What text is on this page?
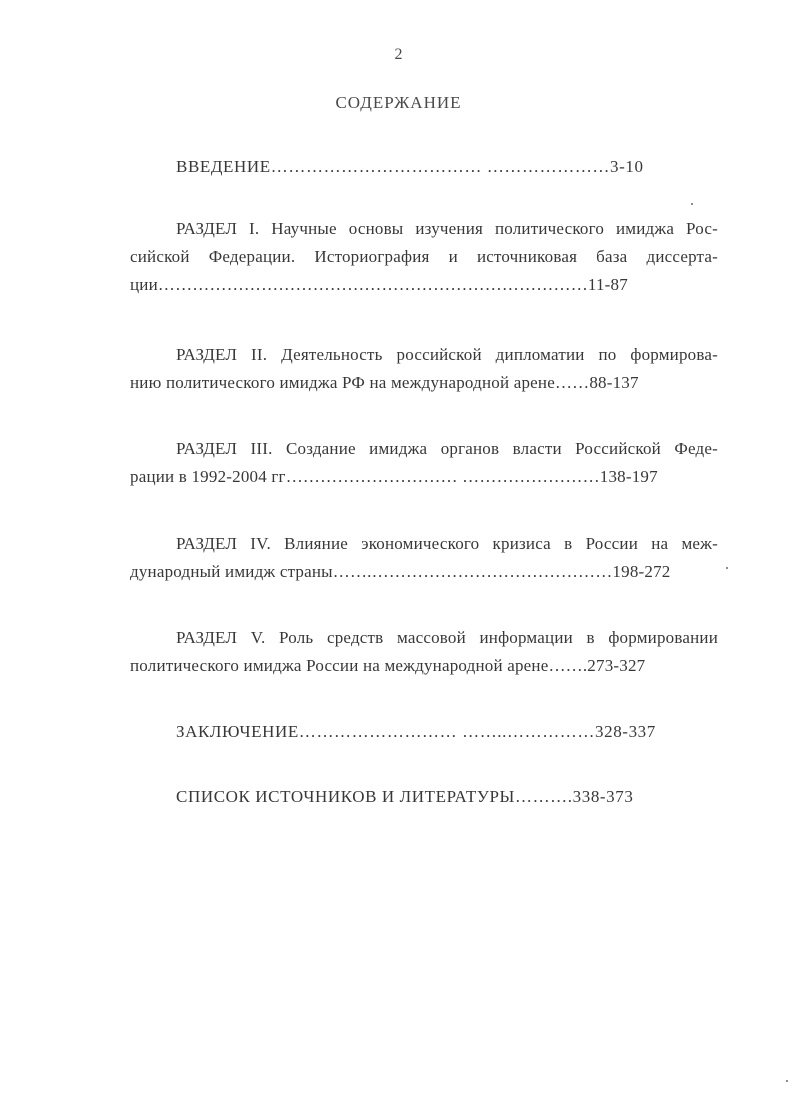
2
СОДЕРЖАНИЕ
ВВЕДЕНИЕ……………………………… …………………3-10
РАЗДЕЛ I. Научные основы изучения политического имиджа Рос-
сийской Федерации. Историография и источниковая база диссерта-
ции…………………………………………………………………11-87
РАЗДЕЛ II. Деятельность российской дипломатии по формирова-
нию политического имиджа РФ на международной арене……88-137
РАЗДЕЛ III. Создание имиджа органов власти Российской Феде-
рации в 1992-2004 гг………………………… ……………………138-197
РАЗДЕЛ IV. Влияние экономического кризиса в России на меж-
дународный имидж страны…….……………………………………198-272
РАЗДЕЛ V. Роль средств массовой информации в формировании
политического имиджа России на международной арене…….273-327
ЗАКЛЮЧЕНИЕ……………………… ……..……………328-337
СПИСОК ИСТОЧНИКОВ И ЛИТЕРАТУРЫ……….338-373
